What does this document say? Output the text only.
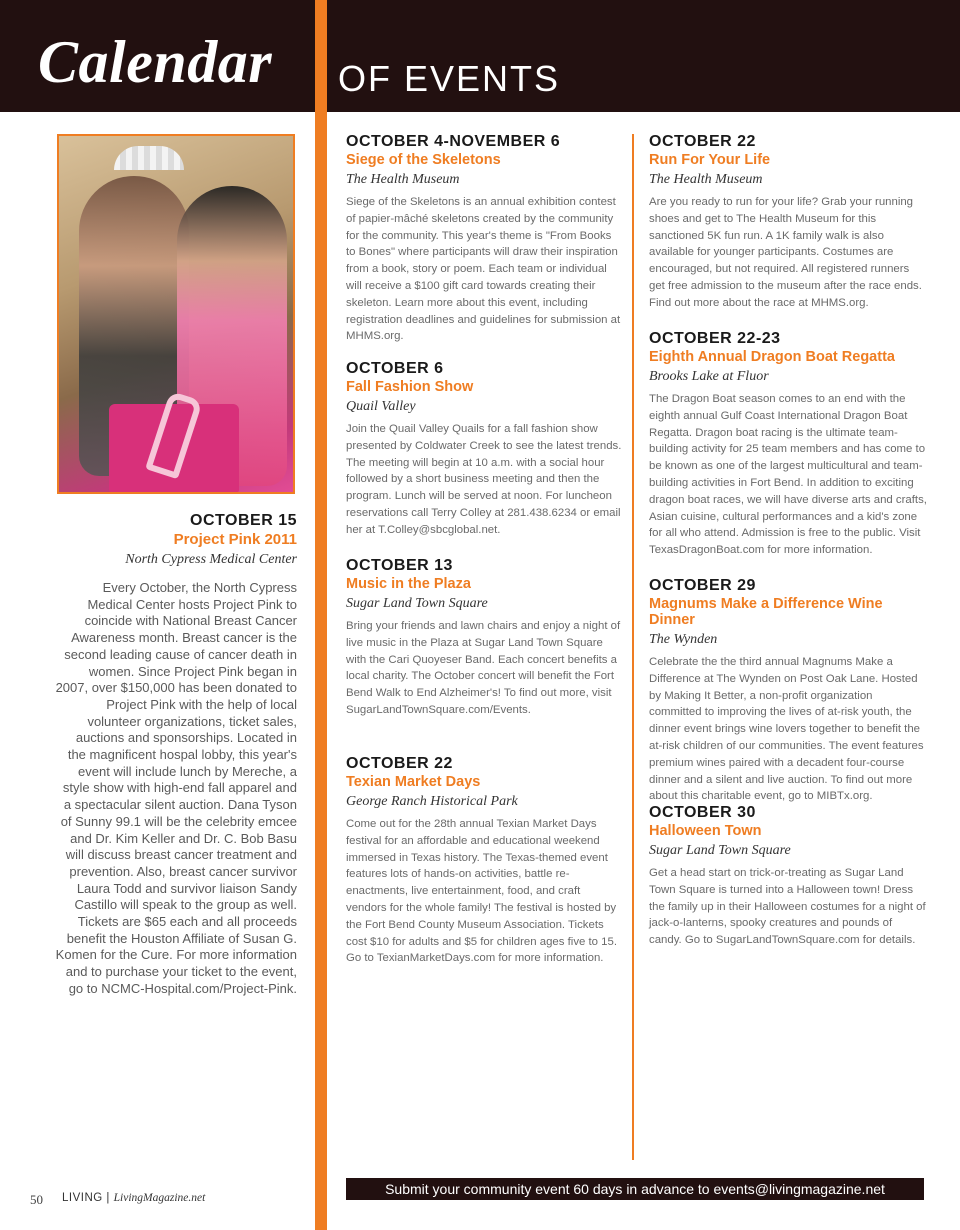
Calendar OF EVENTS
OCTOBER 15
Project Pink 2011
North Cypress Medical Center
Every October, the North Cypress Medical Center hosts Project Pink to coincide with National Breast Cancer Awareness month. Breast cancer is the second leading cause of cancer death in women. Since Project Pink began in 2007, over $150,000 has been donated to Project Pink with the help of local volunteer organizations, ticket sales, auctions and sponsorships. Located in the magnificent hospal lobby, this year's event will include lunch by Mereche, a style show with high-end fall apparel and a spectacular silent auction. Dana Tyson of Sunny 99.1 will be the celebrity emcee and Dr. Kim Keller and Dr. C. Bob Basu will discuss breast cancer treatment and prevention. Also, breast cancer survivor Laura Todd and survivor liaison Sandy Castillo will speak to the group as well. Tickets are $65 each and all proceeds benefit the Houston Affiliate of Susan G. Komen for the Cure. For more information and to purchase your ticket to the event, go to NCMC-Hospital.com/Project-Pink.
OCTOBER 4-NOVEMBER 6
Siege of the Skeletons
The Health Museum
Siege of the Skeletons is an annual exhibition contest of papier-mâché skeletons created by the community for the community. This year's theme is "From Books to Bones" where participants will draw their inspiration from a book, story or poem. Each team or individual will receive a $100 gift card towards creating their skeleton. Learn more about this event, including registration deadlines and guidelines for submission at MHMS.org.
OCTOBER 6
Fall Fashion Show
Quail Valley
Join the Quail Valley Quails for a fall fashion show presented by Coldwater Creek to see the latest trends. The meeting will begin at 10 a.m. with a social hour followed by a short business meeting and then the program. Lunch will be served at noon. For luncheon reservations call Terry Colley at 281.438.6234 or email her at T.Colley@sbcglobal.net.
OCTOBER 13
Music in the Plaza
Sugar Land Town Square
Bring your friends and lawn chairs and enjoy a night of live music in the Plaza at Sugar Land Town Square with the Cari Quoyeser Band. Each concert benefits a local charity. The October concert will benefit the Fort Bend Walk to End Alzheimer's! To find out more, visit SugarLandTownSquare.com/Events.
OCTOBER 22
Texian Market Days
George Ranch Historical Park
Come out for the 28th annual Texian Market Days festival for an affordable and educational weekend immersed in Texas history. The Texas-themed event features lots of hands-on activities, battle re-enactments, live entertainment, food, and craft vendors for the whole family! The festival is hosted by the Fort Bend County Museum Association. Tickets cost $10 for adults and $5 for children ages five to 15. Go to TexianMarketDays.com for more information.
OCTOBER 22
Run For Your Life
The Health Museum
Are you ready to run for your life? Grab your running shoes and get to The Health Museum for this sanctioned 5K fun run. A 1K family walk is also available for younger participants. Costumes are encouraged, but not required. All registered runners get free admission to the museum after the race ends. Find out more about the race at MHMS.org.
OCTOBER 22-23
Eighth Annual Dragon Boat Regatta
Brooks Lake at Fluor
The Dragon Boat season comes to an end with the eighth annual Gulf Coast International Dragon Boat Regatta. Dragon boat racing is the ultimate team-building activity for 25 team members and has come to be known as one of the largest multicultural and team-building activities in Fort Bend. In addition to exciting dragon boat races, we will have diverse arts and crafts, Asian cuisine, cultural performances and a kid's zone for all who attend. Admission is free to the public. Visit TexasDragonBoat.com for more information.
OCTOBER 29
Magnums Make a Difference Wine Dinner
The Wynden
Celebrate the the third annual Magnums Make a Difference at The Wynden on Post Oak Lane. Hosted by Making It Better, a non-profit organization committed to improving the lives of at-risk youth, the dinner event brings wine lovers together to benefit the at-risk children of our communities. The event features premium wines paired with a decadent four-course dinner and a silent and live auction. To find out more about this charitable event, go to MIBTx.org.
OCTOBER 30
Halloween Town
Sugar Land Town Square
Get a head start on trick-or-treating as Sugar Land Town Square is turned into a Halloween town! Dress the family up in their Halloween costumes for a night of jack-o-lanterns, spooky creatures and pounds of candy. Go to SugarLandTownSquare.com for details.
50 LIVING | LivingMagazine.net
Submit your community event 60 days in advance to events@livingmagazine.net
